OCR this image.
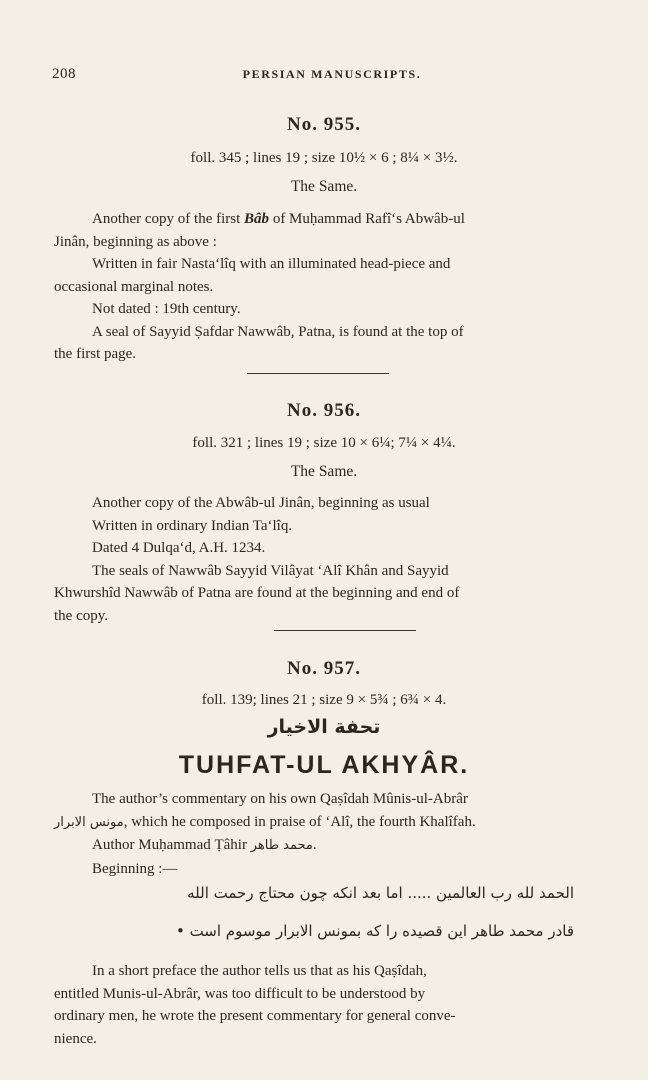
208	PERSIAN MANUSCRIPTS.
No. 955.
foll. 345 ; lines 19 ; size 10½ × 6 ; 8¼ × 3½.
The Same.
Another copy of the first Bâb of Muḥammad Rafî‘s Abwâb-ul
Jinân, beginning as above :
Written in fair Nasta‘lîq with an illuminated head-piece and
occasional marginal notes.
Not dated : 19th century.
A seal of Sayyid Ṣafdar Nawwâb, Patna, is found at the top of
the first page.
No. 956.
foll. 321 ; lines 19 ; size 10 × 6¼; 7¼ × 4¼.
The Same.
Another copy of the Abwâb-ul Jinân, beginning as usual
Written in ordinary Indian Ta‘lîq.
Dated 4 Dulqa‘d, A.H. 1234.
The seals of Nawwâb Sayyid Vilâyat ‘Alî Khân and Sayyid
Khwurshîd Nawwâb of Patna are found at the beginning and end of
the copy.
No. 957.
foll. 139; lines 21 ; size 9 × 5¾ ; 6¾ × 4.
تحفة الاخيار
TUHFAT-UL AKHYÂR.
The author’s commentary on his own Qaṣîdah Mûnis-ul-Abrâr
مونس الابرار, which he composed in praise of ‘Alî, the fourth Khalîfah.
Author Muḥammad Ṭâhir محمد طاهر.
Beginning :—
الحمد لله رب العالمين ..... اما بعد انكه چون محتاج رحمت الله
قادر محمد طاهر اين قصيده را كه بمونس الابرار موسوم است •
In a short preface the author tells us that as his Qaṣîdah,
entitled Munis-ul-Abrâr, was too difficult to be understood by
ordinary men, he wrote the present commentary for general conve-
nience.
